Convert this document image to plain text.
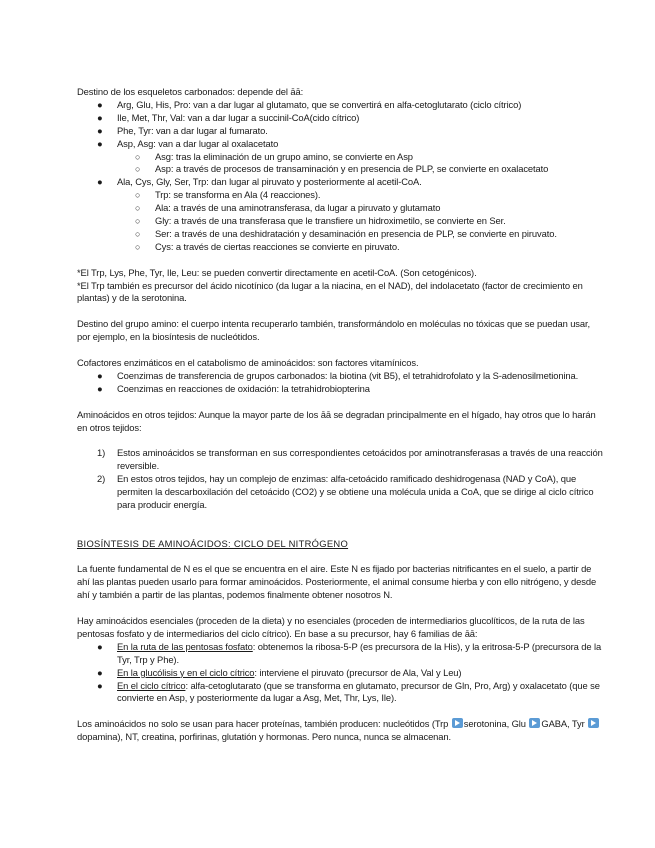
Destino de los esqueletos carbonados: depende del āā:

● Arg, Glu, His, Pro: van a dar lugar al glutamato, que se convertirá en alfa-cetoglutarato (ciclo cítrico)
● Ile, Met, Thr, Val: van a dar lugar a succinil-CoA(cido cítrico)
● Phe, Tyr: van a dar lugar al fumarato.
● Asp, Asg: van a dar lugar al oxalacetato
○ Asg: tras la eliminación de un grupo amino, se convierte en Asp
○ Asp: a través de procesos de transaminación y en presencia de PLP, se convierte en oxalacetato
● Ala, Cys, Gly, Ser, Trp: dan lugar al piruvato y posteriormente al acetil-CoA.
○ Trp: se transforma en Ala (4 reacciones).
○ Ala: a través de una aminotransferasa, da lugar a piruvato y glutamato
○ Gly: a través de una transferasa que le transfiere un hidroximetilo, se convierte en Ser.
○ Ser: a través de una deshidratación y desaminación en presencia de PLP, se convierte en piruvato.
○ Cys: a través de ciertas reacciones se convierte en piruvato.

*El Trp, Lys, Phe, Tyr, Ile, Leu: se pueden convertir directamente en acetil-CoA. (Son cetogénicos).

*El Trp también es precursor del ácido nicotínico (da lugar a la niacina, en el NAD), del indolacetato (factor de crecimiento en plantas) y de la serotonina.

Destino del grupo amino: el cuerpo intenta recuperarlo también, transformándolo en moléculas no tóxicas que se puedan usar, por ejemplo, en la biosíntesis de nucleótidos.

Cofactores enzimáticos en el catabolismo de aminoácidos: son factores vitamínicos.

● Coenzimas de transferencia de grupos carbonados: la biotina (vit B5), el tetrahidrofolato y la S-adenosilmetionina.
● Coenzimas en reacciones de oxidación: la tetrahidrobiopterina

Aminoácidos en otros tejidos: Aunque la mayor parte de los āā se degradan principalmente en el hígado, hay otros que lo harán en otros tejidos:

1) Estos aminoácidos se transforman en sus correspondientes cetoácidos por aminotransferasas a través de una reacción reversible.
2) En estos otros tejidos, hay un complejo de enzimas: alfa-cetoácido ramificado deshidrogenasa (NAD y CoA), que permiten la descarboxilación del cetoácido (CO2) y se obtiene una molécula unida a CoA, que se dirige al ciclo cítrico para producir energía.

BIOSÍNTESIS DE AMINOÁCIDOS: CICLO DEL NITRÓGENO

La fuente fundamental de N es el que se encuentra en el aire. Este N es fijado por bacterias nitrificantes en el suelo, a partir de ahí las plantas pueden usarlo para formar aminoácidos. Posteriormente, el animal consume hierba y con ello nitrógeno, y desde ahí y también a partir de las plantas, podemos finalmente obtener nosotros N.

Hay aminoácidos esenciales (proceden de la dieta) y no esenciales (proceden de intermediarios glucolíticos, de la ruta de las pentosas fosfato y de intermediarios del ciclo cítrico). En base a su precursor, hay 6 familias de āā:

● En la ruta de las pentosas fosfato: obtenemos la ribosa-5-P (es precursora de la His), y la eritrosa-5-P (precursora de la Tyr, Trp y Phe).
● En la glucólisis y en el ciclo cítrico: interviene el piruvato (precursor de Ala, Val y Leu)
● En el ciclo cítrico: alfa-cetoglutarato (que se transforma en glutamato, precursor de Gln, Pro, Arg) y oxalacetato (que se convierte en Asp, y posteriormente da lugar a Asg, Met, Thr, Lys, Ile).

Los aminoácidos no solo se usan para hacer proteínas, también producen: nucleótidos (Trp serotonina, Glu GABA, Tyr dopamina), NT, creatina, porfirinas, glutatión y hormonas. Pero nunca, nunca se almacenan.
